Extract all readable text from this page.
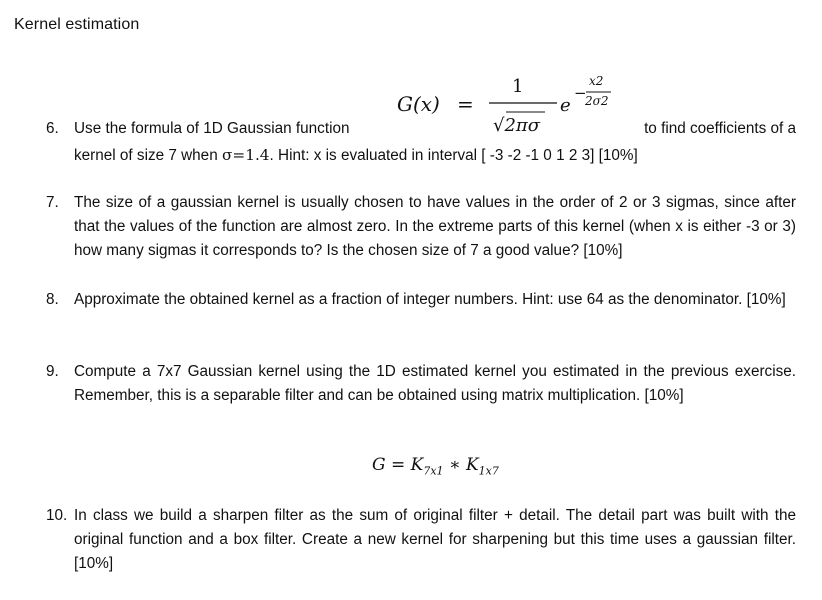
Kernel estimation
G(x) =
1
√2πσ
e
−
x2
2σ2
6. Use the formula of 1D Gaussian function	to find coefficients of a
kernel of size 7 when σ=1.4. Hint: x is evaluated in interval [ -3 -2 -1 0 1 2 3] [10%]
7. The size of a gaussian kernel is usually chosen to have values in the order of 2 or 3 sigmas, since after that the values of the function are almost zero. In the extreme parts of this kernel (when x is either -3 or 3) how many sigmas it corresponds to? Is the chosen size of 7 a good value? [10%]
8. Approximate the obtained kernel as a fraction of integer numbers. Hint: use 64 as the denominator. [10%]
9. Compute a 7x7 Gaussian kernel using the 1D estimated kernel you estimated in the previous exercise. Remember, this is a separable filter and can be obtained using matrix multiplication. [10%]
$G = K_{7x1}$ ∗ $K_{1x7}$
10. In class we build a sharpen filter as the sum of original filter + detail. The detail part was built with the original function and a box filter. Create a new kernel for sharpening but this time uses a gaussian filter. [10%]
